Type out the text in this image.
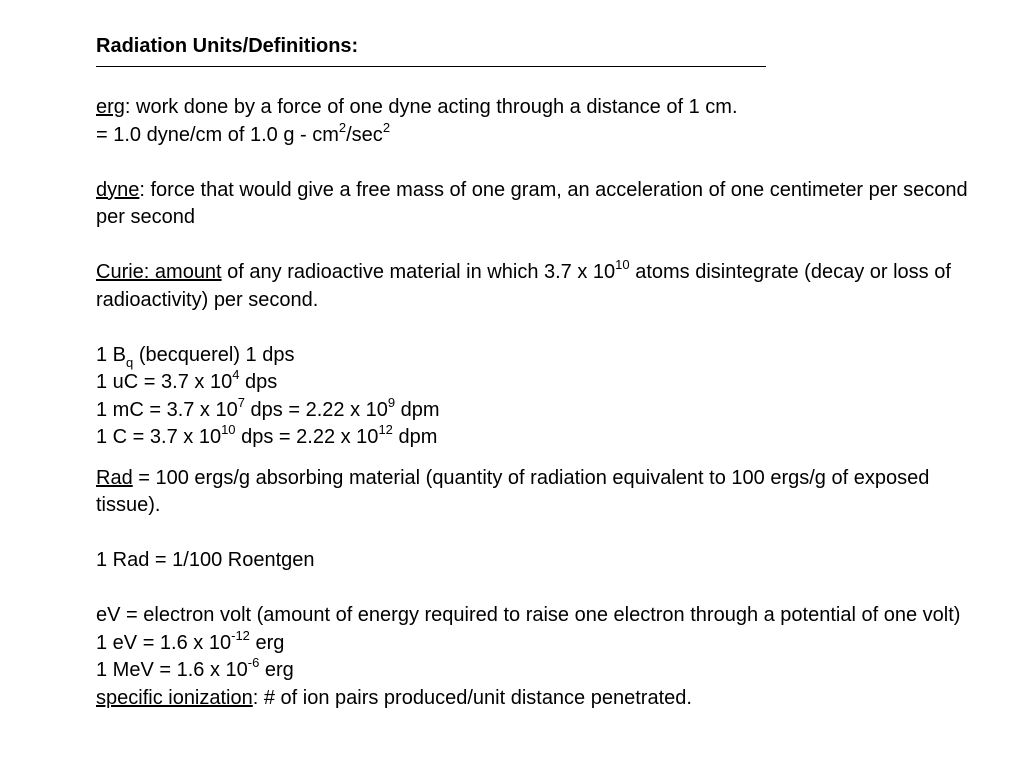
Radiation Units/Definitions:
erg: work done by a force of one dyne acting through a distance of 1 cm.
= 1.0 dyne/cm of 1.0 g - $cm^2/\sec^2$
dyne: force that would give a free mass of one gram, an acceleration of one centimeter per second per second
Curie: amount of any radioactive material in which 3.7 x $10^{10}$ atoms disintegrate (decay or loss of radioactivity) per second.
1 $B_q$ (becquerel) 1 dps
1 uC = 3.7 x $10^4$ dps
1 mC = 3.7 x $10^7$ dps = 2.22 x $10^9$ dpm
1 C = 3.7 x $10^{10}$ dps = 2.22 x $10^{12}$ dpm
Rad = 100 ergs/g absorbing material (quantity of radiation equivalent to 100 ergs/g of exposed tissue).
1 Rad = 1/100 Roentgen
eV = electron volt (amount of energy required to raise one electron through a potential of one volt)
1 eV = 1.6 x $10^{-12}$ erg
1 MeV = 1.6 x $10^{-6}$ erg
specific ionization: # of ion pairs produced/unit distance penetrated.
